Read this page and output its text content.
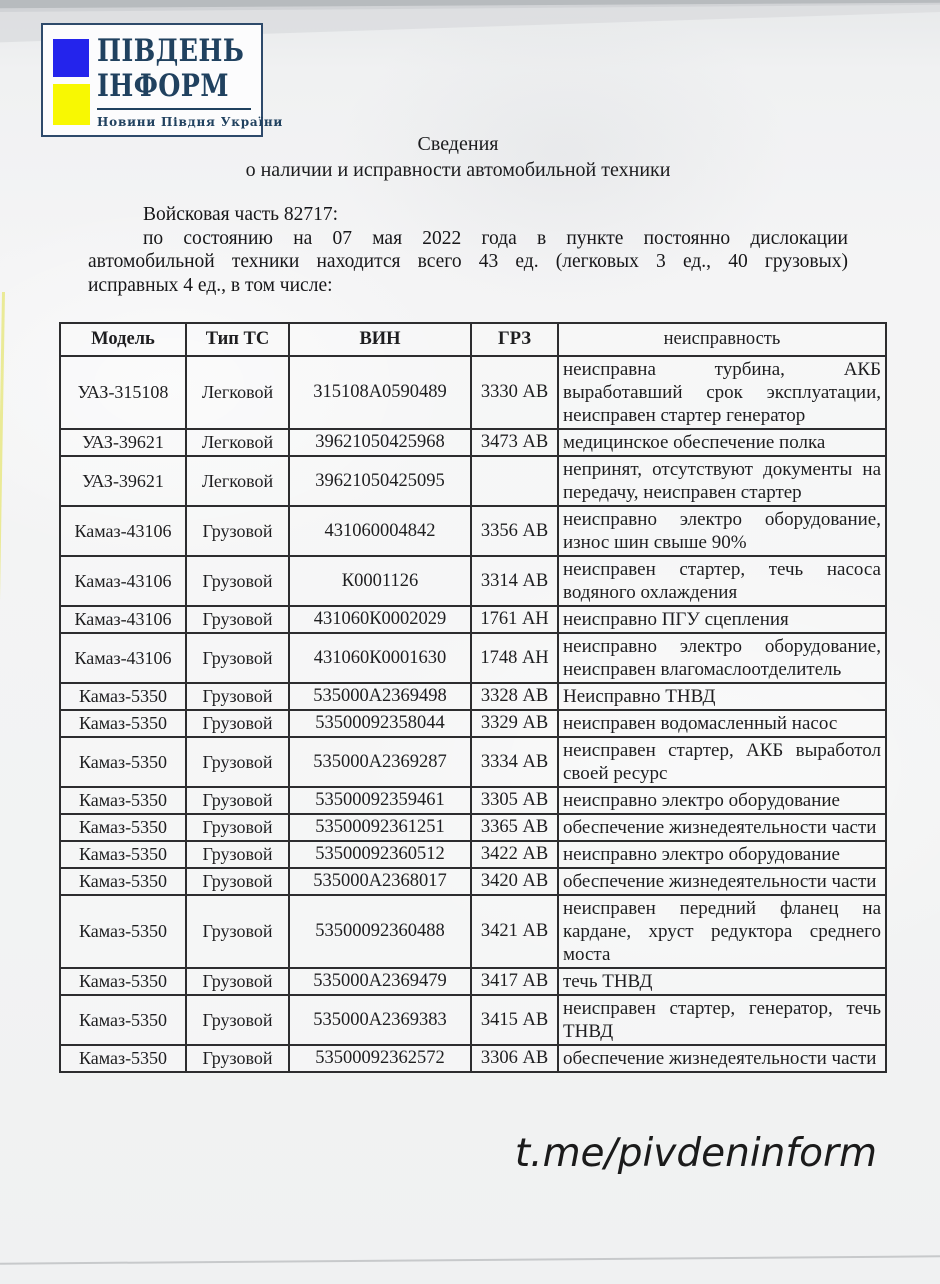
ПІВДЕНЬ
ІНФОРМ
Новини Півдня України
Сведения
о наличии и исправности автомобильной техники

Войсковая часть 82717:

по состоянию на 07 мая 2022 года в пункте постоянно дислокации

автомобильной техники находится всего 43 ед. (легковых 3 ед., 40 грузовых)

исправных 4 ед., в том числе:

Модель	Тип ТС	ВИН	ГРЗ	неисправность
УАЗ-315108	Легковой	315108А0590489	3330 АВ	неисправна турбина, АКБ выработавший срок эксплуатации, неисправен стартер генератор
УАЗ-39621	Легковой	39621050425968	3473 АВ	медицинское обеспечение полка
УАЗ-39621	Легковой	39621050425095		непринят, отсутствуют документы на передачу, неисправен стартер
Камаз-43106	Грузовой	431060004842	3356 АВ	неисправно электро оборудование, износ шин свыше 90%
Камаз-43106	Грузовой	К0001126	3314 АВ	неисправен стартер, течь насоса водяного охлаждения
Камаз-43106	Грузовой	431060К0002029	1761 АН	неисправно ПГУ сцепления
Камаз-43106	Грузовой	431060К0001630	1748 АН	неисправно электро оборудование, неисправен влагомаслоотделитель
Камаз-5350	Грузовой	535000А2369498	3328 АВ	Неисправно ТНВД
Камаз-5350	Грузовой	53500092358044	3329 АВ	неисправен водомасленный насос
Камаз-5350	Грузовой	535000А2369287	3334 АВ	неисправен стартер, АКБ выработол своей ресурс
Камаз-5350	Грузовой	53500092359461	3305 АВ	неисправно электро оборудование
Камаз-5350	Грузовой	53500092361251	3365 АВ	обеспечение жизнедеятельности части
Камаз-5350	Грузовой	53500092360512	3422 АВ	неисправно электро оборудование
Камаз-5350	Грузовой	535000А2368017	3420 АВ	обеспечение жизнедеятельности части
Камаз-5350	Грузовой	53500092360488	3421 АВ	неисправен передний фланец на кардане, хруст редуктора среднего моста
Камаз-5350	Грузовой	535000А2369479	3417 АВ	течь ТНВД
Камаз-5350	Грузовой	535000А2369383	3415 АВ	неисправен стартер, генератор, течь ТНВД
Камаз-5350	Грузовой	53500092362572	3306 АВ	обеспечение жизнедеятельности части
t.me/pivdeninform
